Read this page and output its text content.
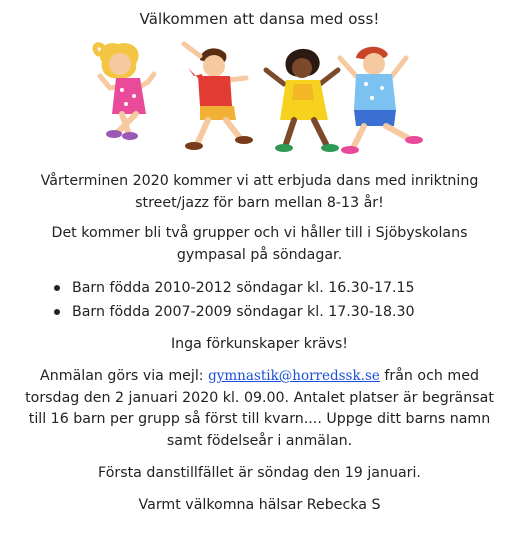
Välkommen att dansa med oss!
Vårterminen 2020 kommer vi att erbjuda dans med inriktning street/jazz för barn mellan 8-13 år!
Det kommer bli två grupper och vi håller till i Sjöbyskolans gympasal på söndagar.
Barn födda 2010-2012 söndagar kl. 16.30-17.15
Barn födda 2007-2009 söndagar kl. 17.30-18.30
Inga förkunskaper krävs!
Anmälan görs via mejl: gymnastik@horredssk.se från och med torsdag den 2 januari 2020 kl. 09.00. Antalet platser är begränsat till 16 barn per grupp så först till kvarn.... Uppge ditt barns namn samt födelseår i anmälan.
Första danstillfället är söndag den 19 januari.
Varmt välkomna hälsar Rebecka S
